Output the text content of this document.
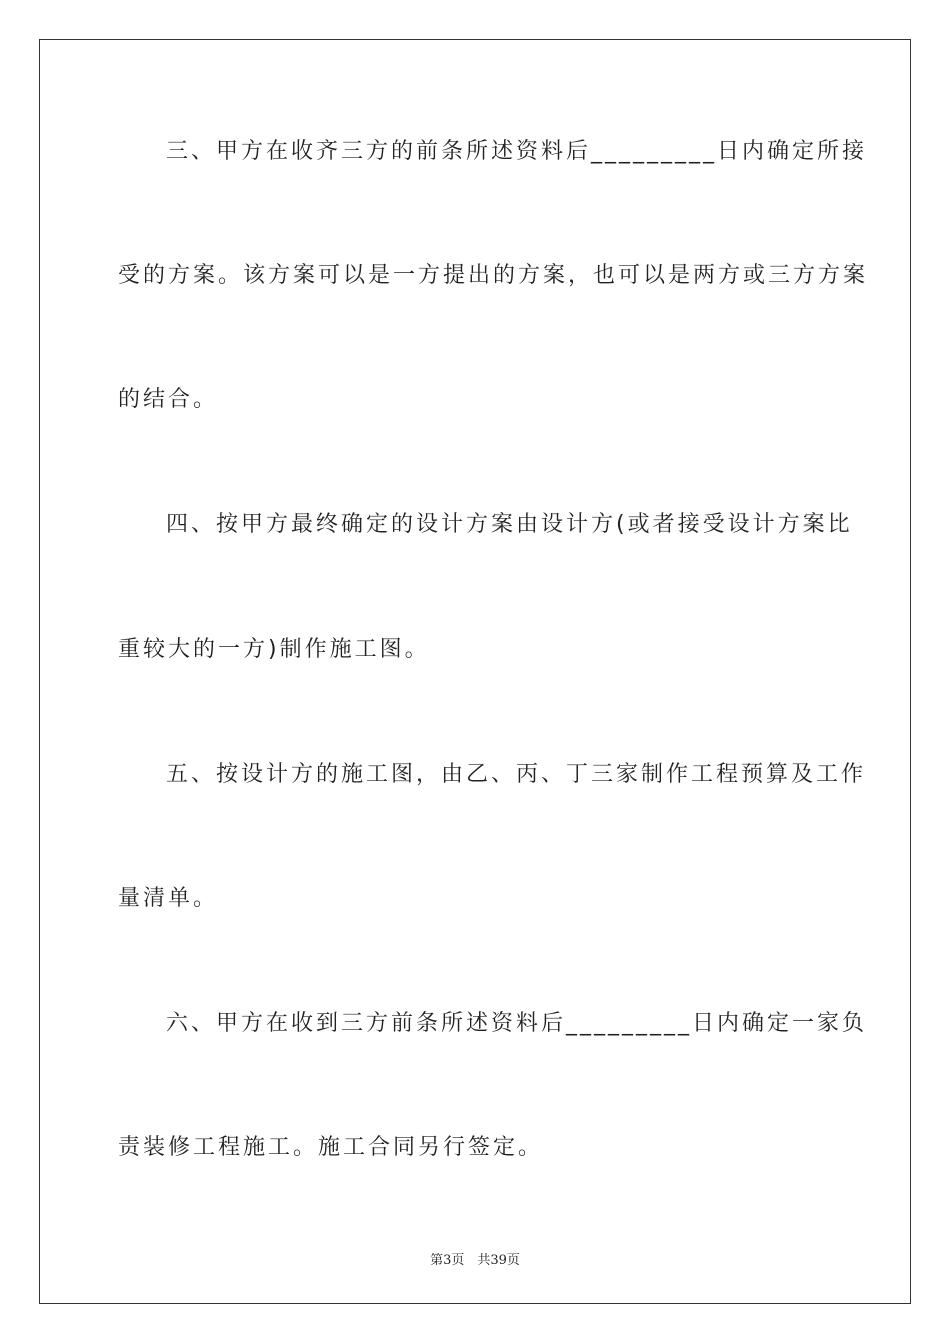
三、甲方在收齐三方的前条所述资料后_________日内确定所接
受的方案。该方案可以是一方提出的方案，也可以是两方或三方方案
的结合。
四、按甲方最终确定的设计方案由设计方(或者接受设计方案比
重较大的一方)制作施工图。
五、按设计方的施工图，由乙、丙、丁三家制作工程预算及工作
量清单。
六、甲方在收到三方前条所述资料后_________日内确定一家负
责装修工程施工。施工合同另行签定。
第3页　共39页
